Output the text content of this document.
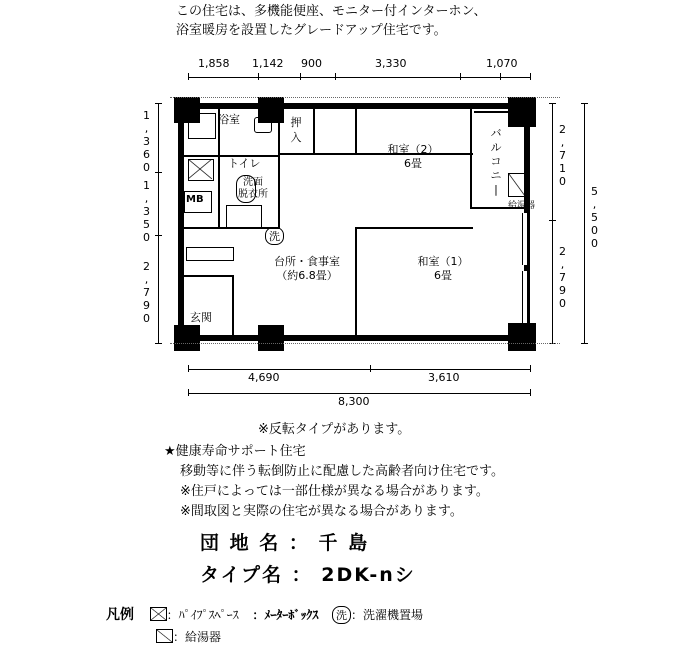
この住宅は、多機能便座、モニター付インターホン、
浴室暖房を設置したグレードアップ住宅です。
1,858 1,142 900	3,330	1,070
1,360
1,350
2,790
2,710
2,790
5,500
4,690	3,610
8,300
浴室
トイレ
洗面
脱衣所
MB
押
入
和室（2）
6畳
バ
ル
コ
ニ
|
給湯器
台所・食事室
（約6.8畳）
和室（1）
6畳
玄関
洗
※反転タイプがあります。
★健康寿命サポート住宅
移動等に伴う転倒防止に配慮した高齢者向け住宅です。
※住戸によっては一部仕様が異なる場合があります。
※間取図と実際の住宅が異なる場合があります。
団 地 名 ： 千 島
タイプ名 ： 2DK-nシ
凡例	：ﾊﾟｲﾌﾟｽﾍﾟｰｽ ：ﾒｰﾀｰﾎﾞｯｸｽ 洗 ：洗濯機置場
：給湯器
